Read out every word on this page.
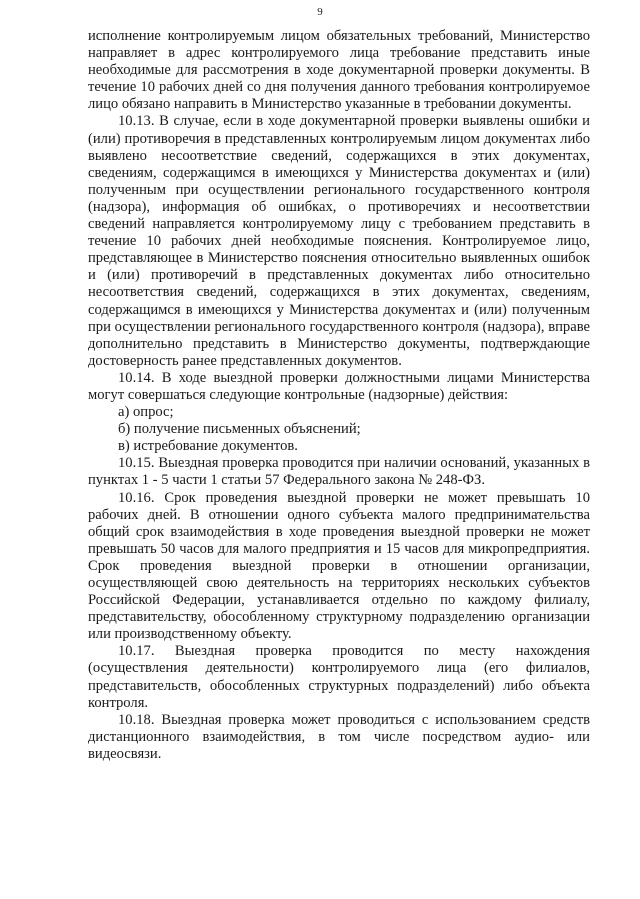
9

исполнение контролируемым лицом обязательных требований, Министерство направляет в адрес контролируемого лица требование представить иные необходимые для рассмотрения в ходе документарной проверки документы. В течение 10 рабочих дней со дня получения данного требования контролируемое лицо обязано направить в Министерство указанные в требовании документы.

10.13. В случае, если в ходе документарной проверки выявлены ошибки и (или) противоречия в представленных контролируемым лицом документах либо выявлено несоответствие сведений, содержащихся в этих документах, сведениям, содержащимся в имеющихся у Министерства документах и (или) полученным при осуществлении регионального государственного контроля (надзора), информация об ошибках, о противоречиях и несоответствии сведений направляется контролируемому лицу с требованием представить в течение 10 рабочих дней необходимые пояснения. Контролируемое лицо, представляющее в Министерство пояснения относительно выявленных ошибок и (или) противоречий в представленных документах либо относительно несоответствия сведений, содержащихся в этих документах, сведениям, содержащимся в имеющихся у Министерства документах и (или) полученным при осуществлении регионального государственного контроля (надзора), вправе дополнительно представить в Министерство документы, подтверждающие достоверность ранее представленных документов.

10.14. В ходе выездной проверки должностными лицами Министерства могут совершаться следующие контрольные (надзорные) действия:

а) опрос;

б) получение письменных объяснений;

в) истребование документов.

10.15. Выездная проверка проводится при наличии оснований, указанных в пунктах 1 - 5 части 1 статьи 57 Федерального закона № 248-ФЗ.

10.16. Срок проведения выездной проверки не может превышать 10 рабочих дней. В отношении одного субъекта малого предпринимательства общий срок взаимодействия в ходе проведения выездной проверки не может превышать 50 часов для малого предприятия и 15 часов для микропредприятия. Срок проведения выездной проверки в отношении организации, осуществляющей свою деятельность на территориях нескольких субъектов Российской Федерации, устанавливается отдельно по каждому филиалу, представительству, обособленному структурному подразделению организации или производственному объекту.

10.17. Выездная проверка проводится по месту нахождения (осуществления деятельности) контролируемого лица (его филиалов, представительств, обособленных структурных подразделений) либо объекта контроля.

10.18. Выездная проверка может проводиться с использованием средств дистанционного взаимодействия, в том числе посредством аудио- или видеосвязи.
